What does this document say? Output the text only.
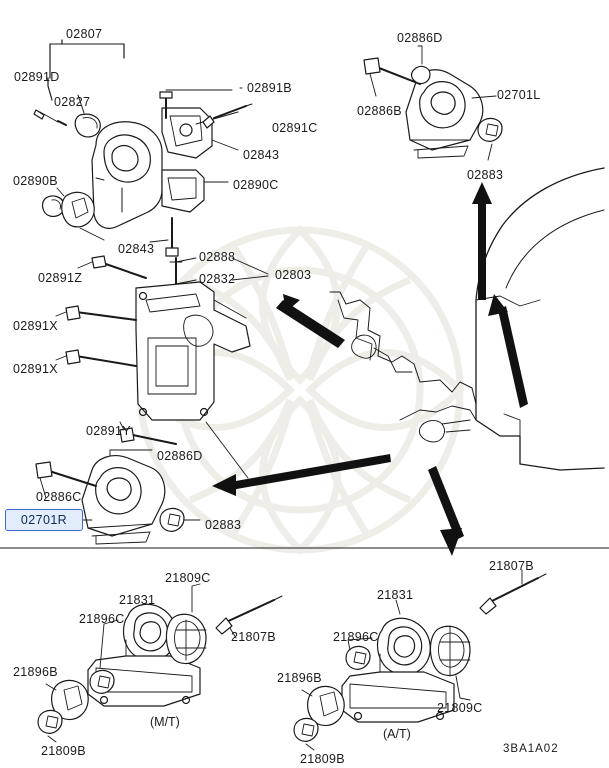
02807	02886D
02891D
02891B
02827	02701L
02886B
02891C
02843
02883
02890B	02890C
02843
02888
02891Z	02832	02803
02891X
02891X
02891Y
02886D
02886C
02883
21809C
21807B
21831	21831
21896C
21896C
21807B
21896B	21896B
21809C
21809B
21809B
(M/T)
(A/T)
3BA1A02
02701R
